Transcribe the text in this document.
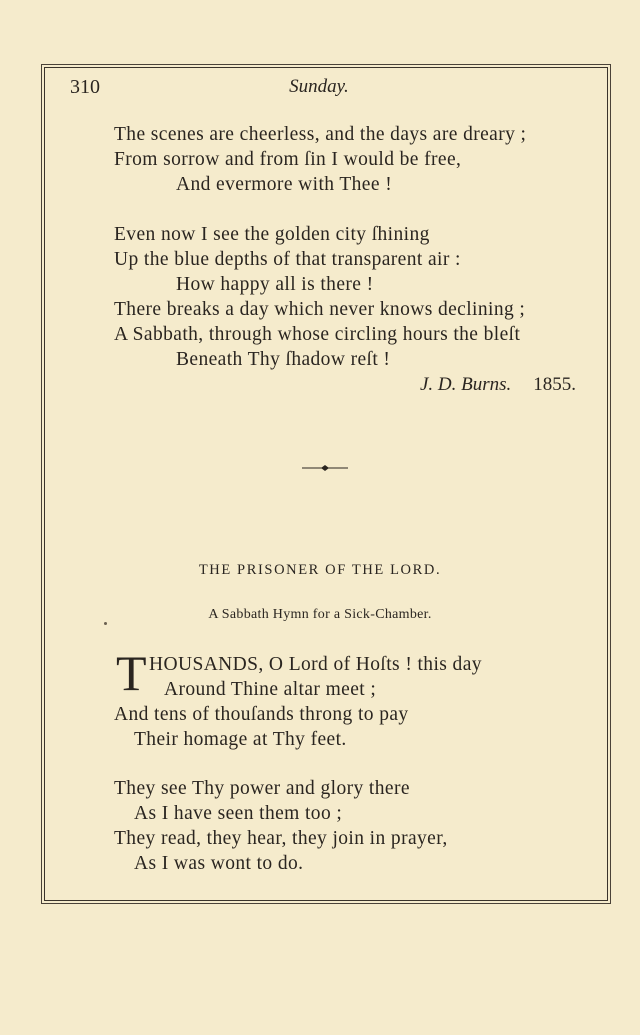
310	Sunday.
The scenes are cheerless, and the days are dreary ;
From sorrow and from ſin I would be free,
And evermore with Thee !
Even now I see the golden city ſhining
Up the blue depths of that transparent air :
How happy all is there !
There breaks a day which never knows declining ;
A Sabbath, through whose circling hours the bleſt
Beneath Thy ſhadow reſt !
J. D. Burns. 1855.
THE PRISONER OF THE LORD.
A Sabbath Hymn for a Sick-Chamber.
T HOUSANDS, O Lord of Hoſts ! this day
Around Thine altar meet ;
And tens of thouſands throng to pay
Their homage at Thy feet.
They see Thy power and glory there
As I have seen them too ;
They read, they hear, they join in prayer,
As I was wont to do.
